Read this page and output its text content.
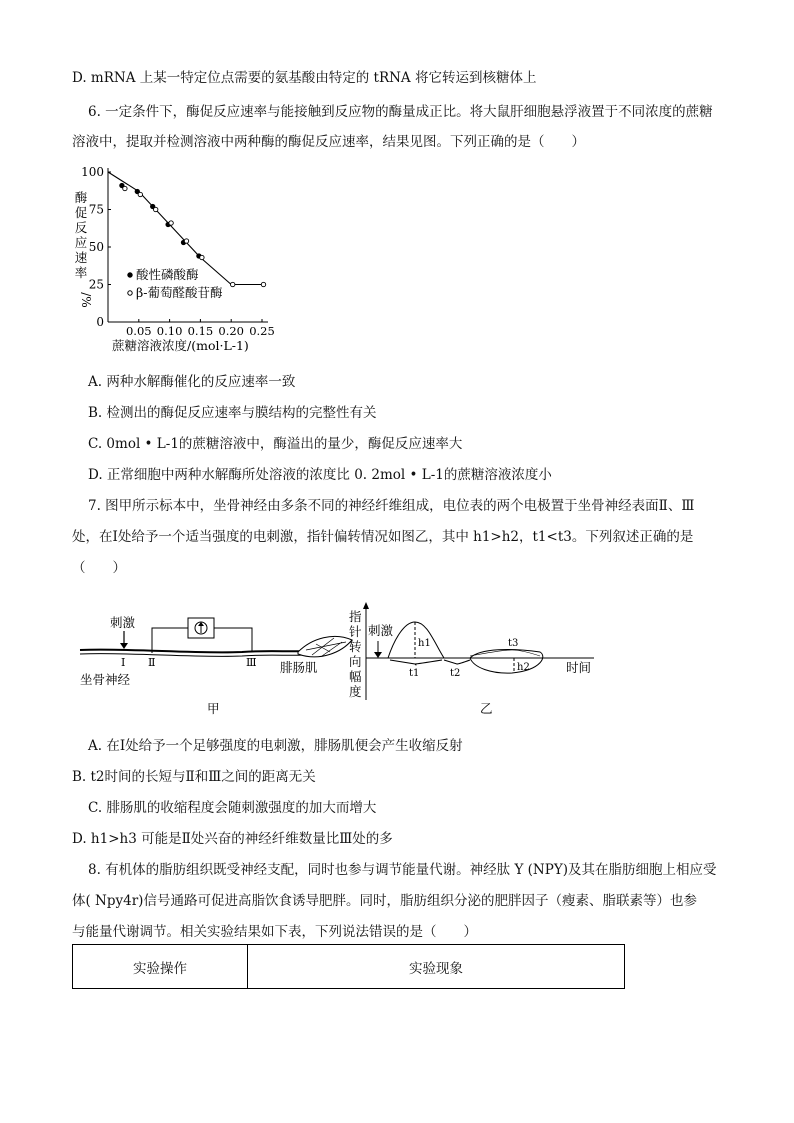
D. mRNA 上某一特定位点需要的氨基酸由特定的 tRNA 将它转运到核糖体上
6. 一定条件下，酶促反应速率与能接触到反应物的酶量成正比。将大鼠肝细胞悬浮液置于不同浓度的蔗糖
溶液中，提取并检测溶液中两种酶的酶促反应速率，结果见图。下列正确的是（　　）
0
25
50
75
100
0.05 0.10 0.15 0.20 0.25
酶
促
反
应
速
率
/%
蔗糖溶液浓度/(mol·L-1)
酸性磷酸酶
β-葡萄醛酸苷酶
A. 两种水解酶催化的反应速率一致
B. 检测出的酶促反应速率与膜结构的完整性有关
C. 0mol • L-1的蔗糖溶液中，酶溢出的量少，酶促反应速率大
D. 正常细胞中两种水解酶所处溶液的浓度比 0. 2mol • L-1的蔗糖溶液浓度小
7. 图甲所示标本中，坐骨神经由多条不同的神经纤维组成，电位表的两个电极置于坐骨神经表面Ⅱ、Ⅲ
处，在Ⅰ处给予一个适当强度的电刺激，指针偏转情况如图乙，其中 h1>h2，t1<t3。下列叙述正确的是
（　　）
刺激
Ⅰ Ⅱ	Ⅲ
坐骨神经
腓肠肌
甲
指
针
转
向
幅
度
刺激
h1
h2
t1	t2
t3
时间
乙
A. 在Ⅰ处给予一个足够强度的电刺激，腓肠肌便会产生收缩反射
B. t2时间的长短与Ⅱ和Ⅲ之间的距离无关
C. 腓肠肌的收缩程度会随刺激强度的加大而增大
D. h1>h3 可能是Ⅱ处兴奋的神经纤维数量比Ⅲ处的多
8. 有机体的脂肪组织既受神经支配，同时也参与调节能量代谢。神经肽 Y (NPY)及其在脂肪细胞上相应受
体( Npy4r)信号通路可促进高脂饮食诱导肥胖。同时，脂肪组织分泌的肥胖因子（瘦素、脂联素等）也参
与能量代谢调节。相关实验结果如下表，下列说法错误的是（　　）
实验操作	实验现象
